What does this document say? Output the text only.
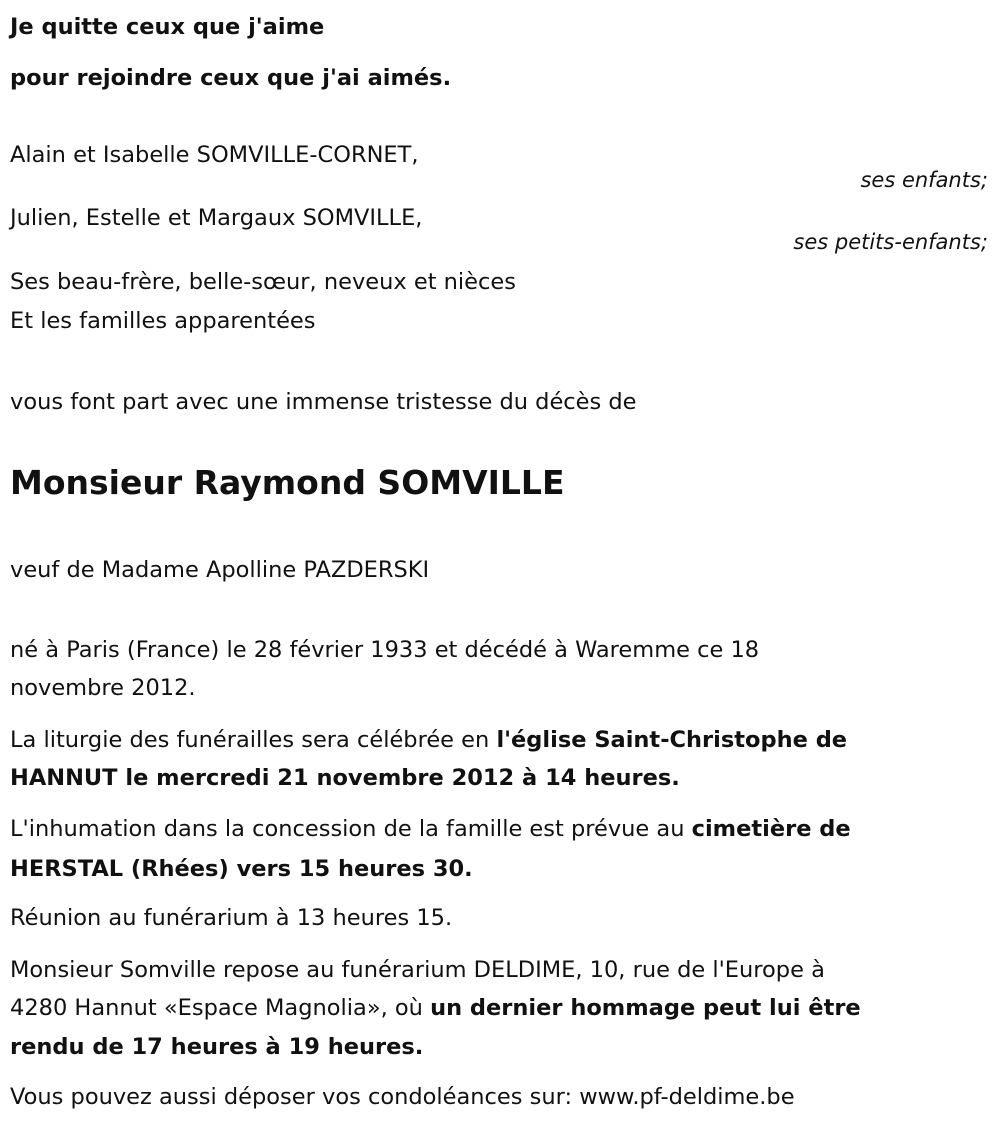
Je quitte ceux que j'aime
pour rejoindre ceux que j'ai aimés.
Alain et Isabelle SOMVILLE-CORNET,
ses enfants;
Julien, Estelle et Margaux SOMVILLE,
ses petits-enfants;
Ses beau-frère, belle-sœur, neveux et nièces
Et les familles apparentées
vous font part avec une immense tristesse du décès de
Monsieur Raymond SOMVILLE
veuf de Madame Apolline PAZDERSKI
né à Paris (France) le 28 février 1933 et décédé à Waremme ce 18
novembre 2012.
La liturgie des funérailles sera célébrée en l'église Saint-Christophe de
HANNUT le mercredi 21 novembre 2012 à 14 heures.
L'inhumation dans la concession de la famille est prévue au cimetière de
HERSTAL (Rhées) vers 15 heures 30.
Réunion au funérarium à 13 heures 15.
Monsieur Somville repose au funérarium DELDIME, 10, rue de l'Europe à
4280 Hannut «Espace Magnolia», où un dernier hommage peut lui être
rendu de 17 heures à 19 heures.
Vous pouvez aussi déposer vos condoléances sur: www.pf-deldime.be
